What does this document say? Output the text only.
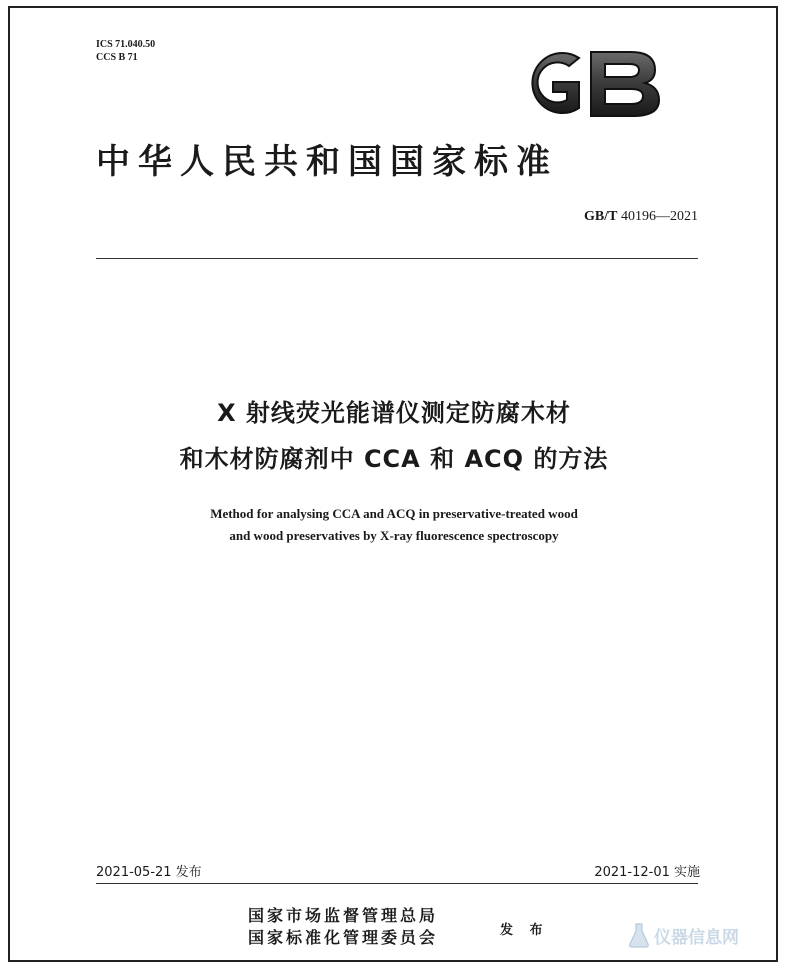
ICS 71.040.50
CCS B 71
中华人民共和国国家标准
GB/T 40196—2021
X 射线荧光能谱仪测定防腐木材
和木材防腐剂中 CCA 和 ACQ 的方法
Method for analysing CCA and ACQ in preservative-treated wood
and wood preservatives by X-ray fluorescence spectroscopy
2021-05-21 发布	2021-12-01 实施
国家市场监督管理总局
国家标准化管理委员会	发 布	仪器信息网
